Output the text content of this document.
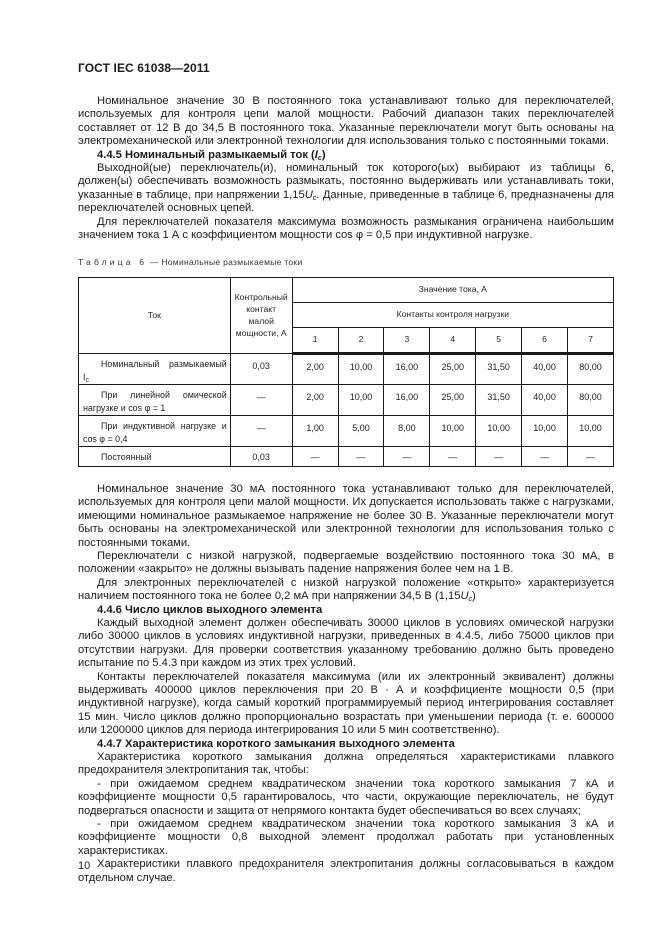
ГОСТ IEC 61038—2011

Номинальное значение 30 В постоянного тока устанавливают только для переключателей, используемых для контроля цепи малой мощности. Рабочий диапазон таких переключателей составляет от 12 В до 34,5 В постоянного тока. Указанные переключатели могут быть основаны на электромеханической или электронной технологии для использования только с постоянными токами.

4.4.5 Номинальный размыкаемый ток $(I_c)$

Выходной(ые) переключатель(и), номинальный ток которого(ых) выбирают из таблицы 6, должен(ы) обеспечивать возможность размыкать, постоянно выдерживать или устанавливать токи, указанные в таблице, при напряжении $1,15U_c$. Данные, приведенные в таблице 6, предназначены для переключателей основных цепей.

Для переключателей показателя максимума возможность размыкания ограничена наибольшим значением тока 1 А с коэффициентом мощности cos φ = 0,5 при индуктивной нагрузке.

Таблица 6 — Номинальные размыкаемые токи
Ток	Контрольный контакт малой мощности, А	Значение тока, А						
		Контакты контроля нагрузки						
		1	2	3	4	5	6	7

Номинальный размыкаемый $I_c$	0,03	2,00	10,00	16,00	25,00	31,50	40,00	80,00

При линейной омической нагрузке и cos φ = 1	—	2,00	10,00	16,00	25,00	31,50	40,00	80,00

При индуктивной нагрузке и cos φ = 0,4	—	1,00	5,00	8,00	10,00	10,00	10,00	10,00

Постоянный	0,03	—	—	—	—	—	—	—

Номинальное значение 30 мА постоянного тока устанавливают только для переключателей, используемых для контроля цепи малой мощности. Их допускается использовать также с нагрузками, имеющими номинальное размыкаемое напряжение не более 30 В. Указанные переключатели могут быть основаны на электромеханической или электронной технологии для использования только с постоянными токами.

Переключатели с низкой нагрузкой, подвергаемые воздействию постоянного тока 30 мА, в положении «закрыто» не должны вызывать падение напряжения более чем на 1 В.

Для электронных переключателей с низкой нагрузкой положение «открыто» характеризуется наличием постоянного тока не более 0,2 мА при напряжении 34,5 В $(1,15U_c)$

4.4.6 Число циклов выходного элемента

Каждый выходной элемент должен обеспечивать 30000 циклов в условиях омической нагрузки либо 30000 циклов в условиях индуктивной нагрузки, приведенных в 4.4.5, либо 75000 циклов при отсутствии нагрузки. Для проверки соответствия указанному требованию должно быть проведено испытание по 5.4.3 при каждом из этих трех условий.

Контакты переключателей показателя максимума (или их электронный эквивалент) должны выдерживать 400000 циклов переключения при 20 В · А и коэффициенте мощности 0,5 (при индуктивной нагрузке), когда самый короткий программируемый период интегрирования составляет 15 мин. Число циклов должно пропорционально возрастать при уменьшении периода (т. е. 600000 или 1200000 циклов для периода интегрирования 10 или 5 мин соответственно).

4.4.7 Характеристика короткого замыкания выходного элемента

Характеристика короткого замыкания должна определяться характеристиками плавкого предохранителя электропитания так, чтобы:

- при ожидаемом среднем квадратическом значении тока короткого замыкания 7 кА и коэффициенте мощности 0,5 гарантировалось, что части, окружающие переключатель, не будут подвергаться опасности и защита от непрямого контакта будет обеспечиваться во всех случаях;

- при ожидаемом среднем квадратическом значении тока короткого замыкания 3 кА и коэффициенте мощности 0,8 выходной элемент продолжал работать при установленных характеристиках.

Характеристики плавкого предохранителя электропитания должны согласовываться в каждом отдельном случае.

10
